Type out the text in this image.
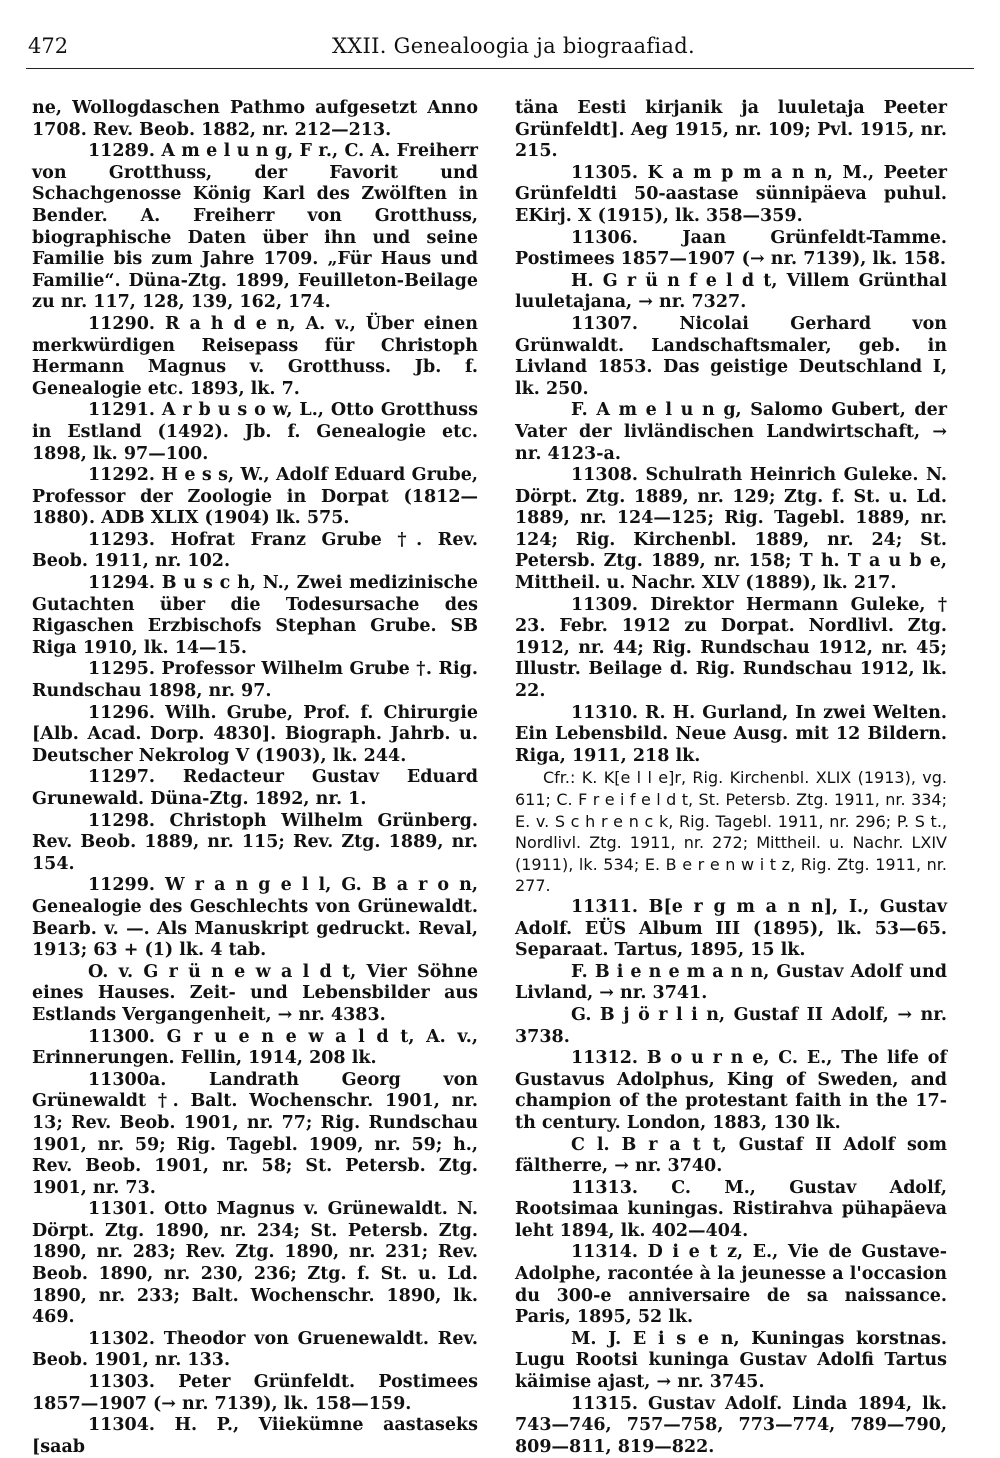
472	XXII. Genealoogia ja biograafiad.

ne, Wollogdaschen Pathmo aufgesetzt Anno 1708. Rev. Beob. 1882, nr. 212—213.

11289. A m e l u n g, F r., C. A. Freiherr von Grotthuss, der Favorit und Schachgenosse König Karl des Zwölften in Bender. A. Freiherr von Grotthuss, biographische Daten über ihn und seine Familie bis zum Jahre 1709. „Für Haus und Familie“. Düna-Ztg. 1899, Feuilleton-Beilage zu nr. 117, 128, 139, 162, 174.

11290. R a h d e n, A. v., Über einen merkwürdigen Reisepass für Christoph Hermann Magnus v. Grotthuss. Jb. f. Genealogie etc. 1893, lk. 7.

11291. A r b u s o w, L., Otto Grotthuss in Estland (1492). Jb. f. Genealogie etc. 1898, lk. 97—100.

11292. H e s s, W., Adolf Eduard Grube, Professor der Zoologie in Dorpat (1812—1880). ADB XLIX (1904) lk. 575.

11293. Hofrat Franz Grube †. Rev. Beob. 1911, nr. 102.

11294. B u s c h, N., Zwei medizinische Gutachten über die Todesursache des Rigaschen Erzbischofs Stephan Grube. SB Riga 1910, lk. 14—15.

11295. Professor Wilhelm Grube †. Rig. Rundschau 1898, nr. 97.

11296. Wilh. Grube, Prof. f. Chirurgie [Alb. Acad. Dorp. 4830]. Biograph. Jahrb. u. Deutscher Nekrolog V (1903), lk. 244.

11297. Redacteur Gustav Eduard Grunewald. Düna-Ztg. 1892, nr. 1.

11298. Christoph Wilhelm Grünberg. Rev. Beob. 1889, nr. 115; Rev. Ztg. 1889, nr. 154.

11299. W r a n g e l l, G. B a r o n, Genealogie des Geschlechts von Grünewaldt. Bearb. v. —. Als Manuskript gedruckt. Reval, 1913; 63 + (1) lk. 4 tab.

O. v. G r ü n e w a l d t, Vier Söhne eines Hauses. Zeit- und Lebensbilder aus Estlands Vergangenheit, → nr. 4383.

11300. G r u e n e w a l d t, A. v., Erinnerungen. Fellin, 1914, 208 lk.

11300a. Landrath Georg von Grünewaldt †. Balt. Wochenschr. 1901, nr. 13; Rev. Beob. 1901, nr. 77; Rig. Rundschau 1901, nr. 59; Rig. Tagebl. 1909, nr. 59; h., Rev. Beob. 1901, nr. 58; St. Petersb. Ztg. 1901, nr. 73.

11301. Otto Magnus v. Grünewaldt. N. Dörpt. Ztg. 1890, nr. 234; St. Petersb. Ztg. 1890, nr. 283; Rev. Ztg. 1890, nr. 231; Rev. Beob. 1890, nr. 230, 236; Ztg. f. St. u. Ld. 1890, nr. 233; Balt. Wochenschr. 1890, lk. 469.

11302. Theodor von Gruenewaldt. Rev. Beob. 1901, nr. 133.

11303. Peter Grünfeldt. Postimees 1857—1907 (→ nr. 7139), lk. 158—159.

11304. H. P., Viiekümne aastaseks [saab

täna Eesti kirjanik ja luuletaja Peeter Grünfeldt]. Aeg 1915, nr. 109; Pvl. 1915, nr. 215.

11305. K a m p m a n n, M., Peeter Grünfeldti 50-aastase sünnipäeva puhul. EKirj. X (1915), lk. 358—359.

11306. Jaan Grünfeldt-Tamme. Postimees 1857—1907 (→ nr. 7139), lk. 158.

H. G r ü n f e l d t, Villem Grünthal luuletajana, → nr. 7327.

11307. Nicolai Gerhard von Grünwaldt. Landschaftsmaler, geb. in Livland 1853. Das geistige Deutschland I, lk. 250.

F. A m e l u n g, Salomo Gubert, der Vater der livländischen Landwirtschaft, → nr. 4123-a.

11308. Schulrath Heinrich Guleke. N. Dörpt. Ztg. 1889, nr. 129; Ztg. f. St. u. Ld. 1889, nr. 124—125; Rig. Tagebl. 1889, nr. 124; Rig. Kirchenbl. 1889, nr. 24; St. Petersb. Ztg. 1889, nr. 158; T h. T a u b e, Mittheil. u. Nachr. XLV (1889), lk. 217.

11309. Direktor Hermann Guleke, † 23. Febr. 1912 zu Dorpat. Nordlivl. Ztg. 1912, nr. 44; Rig. Rundschau 1912, nr. 45; Illustr. Beilage d. Rig. Rundschau 1912, lk. 22.

11310. R. H. Gurland, In zwei Welten. Ein Lebensbild. Neue Ausg. mit 12 Bildern. Riga, 1911, 218 lk.

Cfr.: K. K[e l l e]r, Rig. Kirchenbl. XLIX (1913), vg. 611; C. F r e i f e l d t, St. Petersb. Ztg. 1911, nr. 334; E. v. S c h r e n c k, Rig. Tagebl. 1911, nr. 296; P. S t., Nordlivl. Ztg. 1911, nr. 272; Mittheil. u. Nachr. LXIV (1911), lk. 534; E. B e r e n w i t z, Rig. Ztg. 1911, nr. 277.

11311. B[e r g m a n n], I., Gustav Adolf. EÜS Album III (1895), lk. 53—65. Separaat. Tartus, 1895, 15 lk.

F. B i e n e m a n n, Gustav Adolf und Livland, → nr. 3741.

G. B j ö r l i n, Gustaf II Adolf, → nr. 3738.

11312. B o u r n e, C. E., The life of Gustavus Adolphus, King of Sweden, and champion of the protestant faith in the 17-th century. London, 1883, 130 lk.

C l. B r a t t, Gustaf II Adolf som fältherre, → nr. 3740.

11313. C. M., Gustav Adolf, Rootsimaa kuningas. Ristirahva pühapäeva leht 1894, lk. 402—404.

11314. D i e t z, E., Vie de Gustave-Adolphe, racontée à la jeunesse a l'occasion du 300-e anniversaire de sa naissance. Paris, 1895, 52 lk.

M. J. E i s e n, Kuningas korstnas. Lugu Rootsi kuninga Gustav Adolfi Tartus käimise ajast, → nr. 3745.

11315. Gustav Adolf. Linda 1894, lk. 743—746, 757—758, 773—774, 789—790, 809—811, 819—822.
